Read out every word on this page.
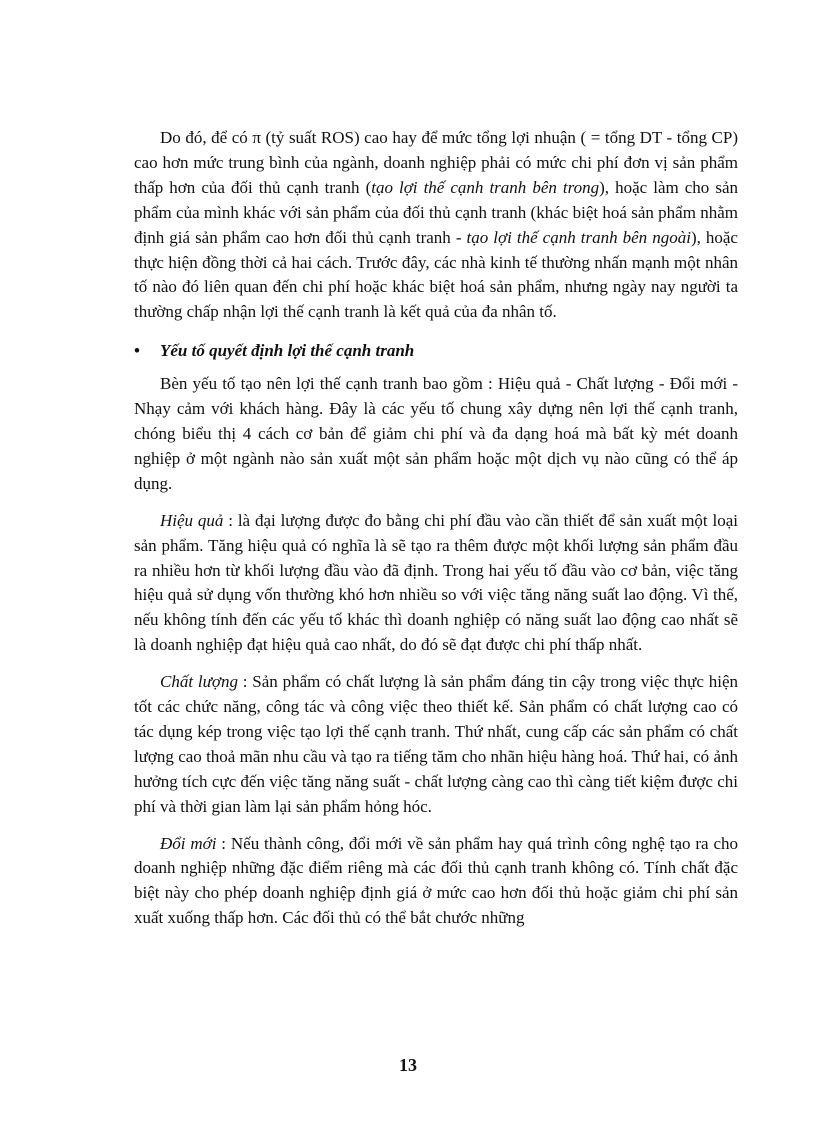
Do đó, để có π (tỷ suất ROS) cao hay để mức tổng lợi nhuận ( = tổng DT - tổng CP) cao hơn mức trung bình của ngành, doanh nghiệp phải có mức chi phí đơn vị sản phẩm thấp hơn của đối thủ cạnh tranh (tạo lợi thế cạnh tranh bên trong), hoặc làm cho sản phẩm của mình khác với sản phẩm của đối thủ cạnh tranh (khác biệt hoá sản phẩm nhằm định giá sản phẩm cao hơn đối thủ cạnh tranh - tạo lợi thế cạnh tranh bên ngoài), hoặc thực hiện đồng thời cả hai cách. Trước đây, các nhà kinh tế thường nhấn mạnh một nhân tố nào đó liên quan đến chi phí hoặc khác biệt hoá sản phẩm, nhưng ngày nay người ta thường chấp nhận lợi thế cạnh tranh là kết quả của đa nhân tố.

• Yếu tố quyết định lợi thế cạnh tranh

Bèn yếu tố tạo nên lợi thế cạnh tranh bao gồm : Hiệu quả - Chất lượng - Đổi mới - Nhạy cảm với khách hàng. Đây là các yếu tố chung xây dựng nên lợi thế cạnh tranh, chóng biểu thị 4 cách cơ bản để giảm chi phí và đa dạng hoá mà bất kỳ mét doanh nghiệp ở một ngành nào sản xuất một sản phẩm hoặc một dịch vụ nào cũng có thể áp dụng.

Hiệu quả : là đại lượng được đo bằng chi phí đầu vào cần thiết để sản xuất một loại sản phẩm. Tăng hiệu quả có nghĩa là sẽ tạo ra thêm được một khối lượng sản phẩm đầu ra nhiều hơn từ khối lượng đầu vào đã định. Trong hai yếu tố đầu vào cơ bản, việc tăng hiệu quả sử dụng vốn thường khó hơn nhiều so với việc tăng năng suất lao động. Vì thế, nếu không tính đến các yếu tố khác thì doanh nghiệp có năng suất lao động cao nhất sẽ là doanh nghiệp đạt hiệu quả cao nhất, do đó sẽ đạt được chi phí thấp nhất.

Chất lượng : Sản phẩm có chất lượng là sản phẩm đáng tin cậy trong việc thực hiện tốt các chức năng, công tác và công việc theo thiết kế. Sản phẩm có chất lượng cao có tác dụng kép trong việc tạo lợi thế cạnh tranh. Thứ nhất, cung cấp các sản phẩm có chất lượng cao thoả mãn nhu cầu và tạo ra tiếng tăm cho nhãn hiệu hàng hoá. Thứ hai, có ảnh hưởng tích cực đến việc tăng năng suất - chất lượng càng cao thì càng tiết kiệm được chi phí và thời gian làm lại sản phẩm hỏng hóc.

Đổi mới : Nếu thành công, đổi mới về sản phẩm hay quá trình công nghệ tạo ra cho doanh nghiệp những đặc điểm riêng mà các đối thủ cạnh tranh không có. Tính chất đặc biệt này cho phép doanh nghiệp định giá ở mức cao hơn đối thủ hoặc giảm chi phí sản xuất xuống thấp hơn. Các đối thủ có thể bắt chước những

13
